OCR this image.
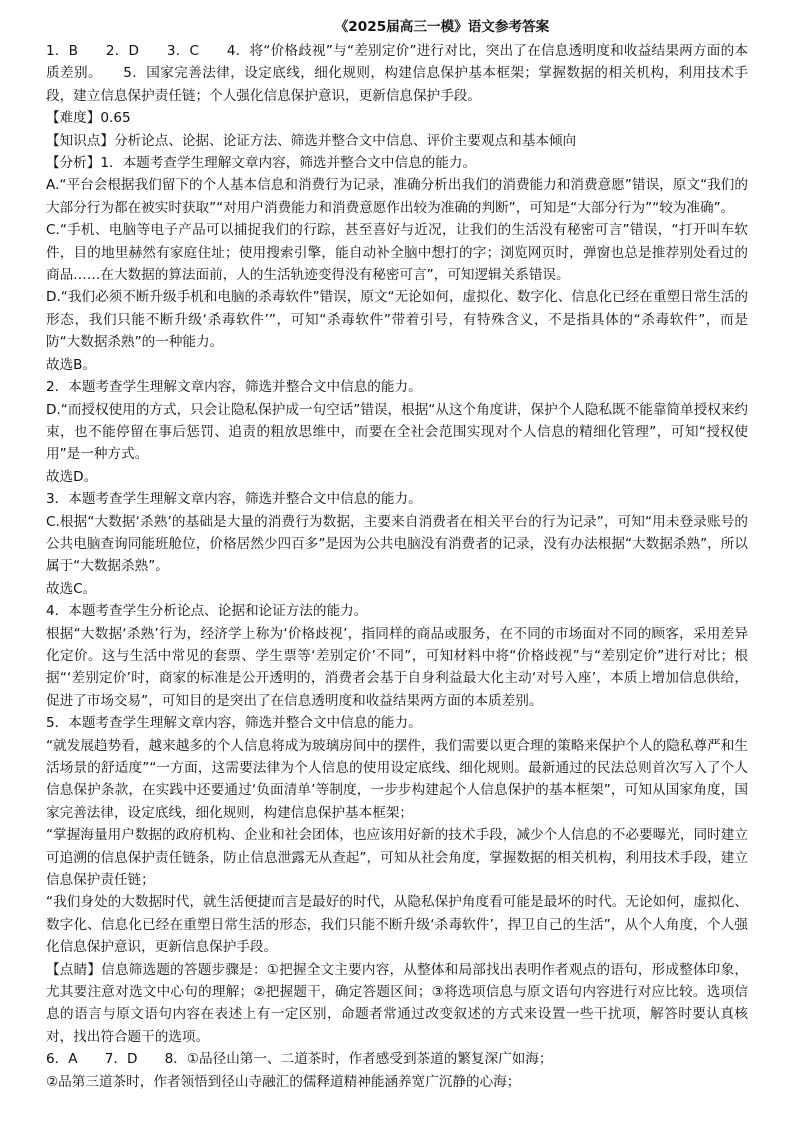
《2025届高三一模》语文参考答案

1．B　　2．D　　3．C　　4．将“价格歧视”与“差别定价”进行对比，突出了在信息透明度和收益结果两方面的本质差别。　　5．国家完善法律，设定底线，细化规则，构建信息保护基本框架；掌握数据的相关机构，利用技术手段，建立信息保护责任链；个人强化信息保护意识，更新信息保护手段。

【难度】0.65

【知识点】分析论点、论据、论证方法、筛选并整合文中信息、评价主要观点和基本倾向

【分析】1．本题考查学生理解文章内容，筛选并整合文中信息的能力。

A.“平台会根据我们留下的个人基本信息和消费行为记录，准确分析出我们的消费能力和消费意愿”错误，原文“我们的大部分行为都在被实时获取”“对用户消费能力和消费意愿作出较为准确的判断”，可知是“大部分行为”“较为准确”。

C.“手机、电脑等电子产品可以捕捉我们的行踪，甚至喜好与近况，让我们的生活没有秘密可言”错误，“打开叫车软件，目的地里赫然有家庭住址；使用搜索引擎，能自动补全脑中想打的字；浏览网页时，弹窗也总是推荐别处看过的商品……在大数据的算法面前，人的生活轨迹变得没有秘密可言”，可知逻辑关系错误。

D.“我们必须不断升级手机和电脑的杀毒软件”错误，原文“无论如何，虚拟化、数字化、信息化已经在重塑日常生活的形态，我们只能不断升级‘杀毒软件’”，可知“杀毒软件”带着引号，有特殊含义，不是指具体的“杀毒软件”，而是防“大数据杀熟”的一种能力。

故选B。

2．本题考查学生理解文章内容，筛选并整合文中信息的能力。

D.“而授权使用的方式，只会让隐私保护成一句空话”错误，根据“从这个角度讲，保护个人隐私既不能靠简单授权来约束，也不能停留在事后惩罚、追责的粗放思维中，而要在全社会范围实现对个人信息的精细化管理”，可知“授权使用”是一种方式。

故选D。

3．本题考查学生理解文章内容，筛选并整合文中信息的能力。

C.根据“大数据‘杀熟’的基础是大量的消费行为数据，主要来自消费者在相关平台的行为记录”，可知“用未登录账号的公共电脑查询同能班舱位，价格居然少四百多”是因为公共电脑没有消费者的记录，没有办法根据“大数据杀熟”，所以属于“大数据杀熟”。

故选C。

4．本题考查学生分析论点、论据和论证方法的能力。

根据“大数据‘杀熟’行为，经济学上称为‘价格歧视’，指同样的商品或服务，在不同的市场面对不同的顾客，采用差异化定价。这与生活中常见的套票、学生票等‘差别定价’不同”，可知材料中将“价格歧视”与“差别定价”进行对比；根据“‘差别定价’时，商家的标准是公开透明的，消费者会基于自身利益最大化主动‘对号入座’，本质上增加信息供给，促进了市场交易”，可知目的是突出了在信息透明度和收益结果两方面的本质差别。

5．本题考查学生理解文章内容，筛选并整合文中信息的能力。

“就发展趋势看，越来越多的个人信息将成为玻璃房间中的摆件，我们需要以更合理的策略来保护个人的隐私尊严和生活场景的舒适度”“一方面，这需要法律为个人信息的使用设定底线、细化规则。最新通过的民法总则首次写入了个人信息保护条款，在实践中还要通过‘负面清单’等制度，一步步构建起个人信息保护的基本框架”，可知从国家角度，国家完善法律，设定底线，细化规则，构建信息保护基本框架；

“掌握海量用户数据的政府机构、企业和社会团体，也应该用好新的技术手段，减少个人信息的不必要曝光，同时建立可追溯的信息保护责任链条，防止信息泄露无从查起”，可知从社会角度，掌握数据的相关机构，利用技术手段，建立信息保护责任链；

“我们身处的大数据时代，就生活便捷而言是最好的时代，从隐私保护角度看可能是最坏的时代。无论如何，虚拟化、数字化、信息化已经在重塑日常生活的形态，我们只能不断升级‘杀毒软件’，捍卫自己的生活”，从个人角度，个人强化信息保护意识，更新信息保护手段。

【点睛】信息筛选题的答题步骤是：①把握全文主要内容，从整体和局部找出表明作者观点的语句，形成整体印象，尤其要注意对选文中心句的理解；②把握题干，确定答题区间；③将选项信息与原文语句内容进行对应比较。选项信息的语言与原文语句内容在表述上有一定区别，命题者常通过改变叙述的方式来设置一些干扰项，解答时要认真核对，找出符合题干的选项。

6．A　　7．D　　8．①品径山第一、二道茶时，作者感受到茶道的繁复深广如海；

②品第三道茶时，作者领悟到径山寺融汇的儒释道精神能涵养宽广沉静的心海；
